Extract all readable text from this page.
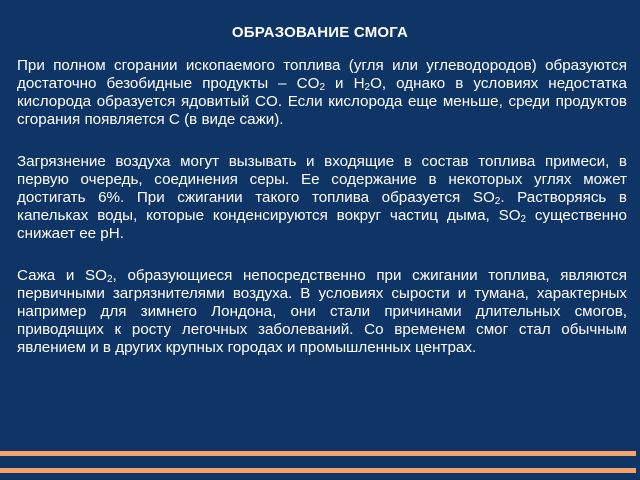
ОБРАЗОВАНИЕ СМОГА

При полном сгорании ископаемого топлива (угля или углеводородов) образуются достаточно безобидные продукты – $CO_2$ и $H_2O$, однако в условиях недостатка кислорода образуется ядовитый CO. Если кислорода еще меньше, среди продуктов сгорания появляется C (в виде сажи).

Загрязнение воздуха могут вызывать и входящие в состав топлива примеси, в первую очередь, соединения серы. Ее содержание в некоторых углях может достигать 6%. При сжигании такого топлива образуется $SO_2$. Растворяясь в капельках воды, которые конденсируются вокруг частиц дыма, $SO_2$ существенно снижает ее pH.

Сажа и $SO_2$, образующиеся непосредственно при сжигании топлива, являются первичными загрязнителями воздуха. В условиях сырости и тумана, характерных например для зимнего Лондона, они стали причинами длительных смогов, приводящих к росту легочных заболеваний. Со временем смог стал обычным явлением и в других крупных городах и промышленных центрах.
